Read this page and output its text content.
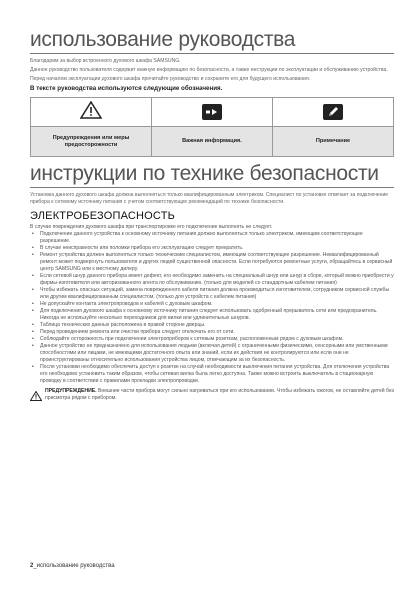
использование руководства

Благодарим за выбор встроенного духового шкафа SAMSUNG.

Данное руководство пользователя содержит важную информацию по безопасности, а также инструкции по эксплуатации и обслуживанию устройства.

Перед началом эксплуатации духового шкафа прочитайте руководство и сохраните его для будущего использования.

В тексте руководства используются следующие обозначения.

Предупреждения или меры предосторожности
Важная информация.	Примечание
инструкции по технике безопасности

Установка данного духового шкафа должна выполняться только квалифицированным электриком. Специалист по установке отвечает за подключение прибора к сетевому источнику питания с учетом соответствующих рекомендаций по технике безопасности.

ЭЛЕКТРОБЕЗОПАСНОСТЬ

В случае повреждения духового шкафа при транспортировке его подключение выполнять не следует.

• Подключение данного устройства к основному источнику питания должно выполняться только электриком, имеющим соответствующее разрешение.
• В случае неисправности или поломки прибора его эксплуатацию следует прекратить.
• Ремонт устройства должен выполняться только техническим специалистом, имеющим соответствующее разрешение. Неквалифицированный ремонт может подвергнуть пользователя и других людей существенной опасности. Если потребуются ремонтные услуги, обращайтесь в сервисный центр SAMSUNG или к местному дилеру.
• Если сетевой шнур данного прибора имеет дефект, его необходимо заменить на специальный шнур или шнур в сборе, который можно приобрести у фирмы-изготовителя или авторизованного агента по обслуживанию. (только для моделей со стандартным кабелем питания)
• Чтобы избежать опасных ситуаций, замена поврежденного кабеля питания должна производиться изготовителем, сотрудником сервисной службы или другим квалифицированным специалистом. (только для устройств с кабелем питания)
• Не допускайте контакта электропроводов и кабелей с духовым шкафом.
• Для подключения духового шкафа к основному источнику питания следует использовать одобренный прерыватель сети или предохранитель. Никогда не используйте несколько переходников для вилки или удлинительных шнуров.
• Таблица технических данных расположена в правой стороне дверцы.
• Перед проведением ремонта или очистки прибора следует отключать его от сети.
• Соблюдайте осторожность при подключении электроприборов к сетевым розеткам, расположенным рядом с духовым шкафом.
• Данное устройство не предназначено для использования людьми (включая детей) с ограниченными физическими, сенсорными или умственными способностями или лицами, не имеющими достаточного опыта или знаний, если их действия не контролируются или если они не проинструктированы относительно использования устройства лицом, отвечающим за их безопасность.
• После установки необходимо обеспечить доступ к розетке на случай необходимости выключения питания устройства. Для отключения устройства его необходимо установить таким образом, чтобы сетевая вилка была легко доступна. Также можно встроить выключатель в стационарную проводку в соответствии с правилами прокладки электропроводки.
ПРЕДУПРЕЖДЕНИЕ. Внешние части прибора могут сильно нагреваться при его использовании. Чтобы избежать ожогов, не оставляйте детей без присмотра рядом с прибором.
2_использование руководства
